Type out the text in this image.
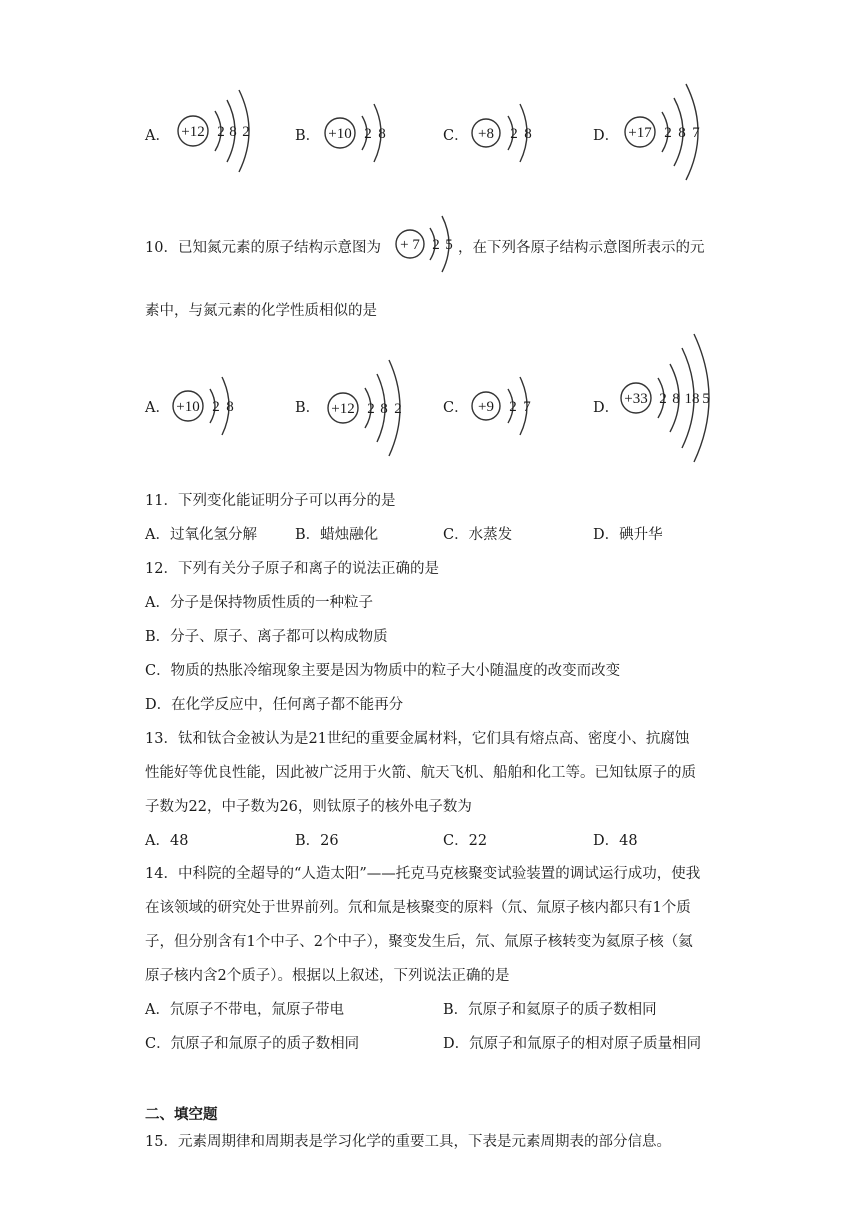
A． +12 2 8 2	B． +10 2 8	C． +8 2 8	D． +17 2 8 7
10．已知氮元素的原子结构示意图为 + 7 2 5 ，在下列各原子结构示意图所表示的元
素中，与氮元素的化学性质相似的是
A． +10 2 8	B． +12 2 8 2	C． +9 2 7	D．
+33 2 8 18 5
11．下列变化能证明分子可以再分的是
A．过氧化氢分解	B．蜡烛融化	C．水蒸发	D．碘升华
12．下列有关分子原子和离子的说法正确的是
A．分子是保持物质性质的一种粒子
B．分子、原子、离子都可以构成物质
C．物质的热胀冷缩现象主要是因为物质中的粒子大小随温度的改变而改变
D．在化学反应中，任何离子都不能再分
13．钛和钛合金被认为是21世纪的重要金属材料，它们具有熔点高、密度小、抗腐蚀
性能好等优良性能，因此被广泛用于火箭、航天飞机、船舶和化工等。已知钛原子的质
子数为22，中子数为26，则钛原子的核外电子数为
A．48	B．26	C．22	D．48
14．中科院的全超导的“人造太阳”——托克马克核聚变试验装置的调试运行成功，使我
在该领域的研究处于世界前列。氘和氚是核聚变的原料（氘、氚原子核内都只有1个质
子，但分别含有1个中子、2个中子），聚变发生后，氘、氚原子核转变为氦原子核（氦
原子核内含2个质子）。根据以上叙述，下列说法正确的是
A．氘原子不带电，氚原子带电	B．氘原子和氦原子的质子数相同
C．氘原子和氚原子的质子数相同	D．氘原子和氚原子的相对原子质量相同
二、填空题
15．元素周期律和周期表是学习化学的重要工具，下表是元素周期表的部分信息。
